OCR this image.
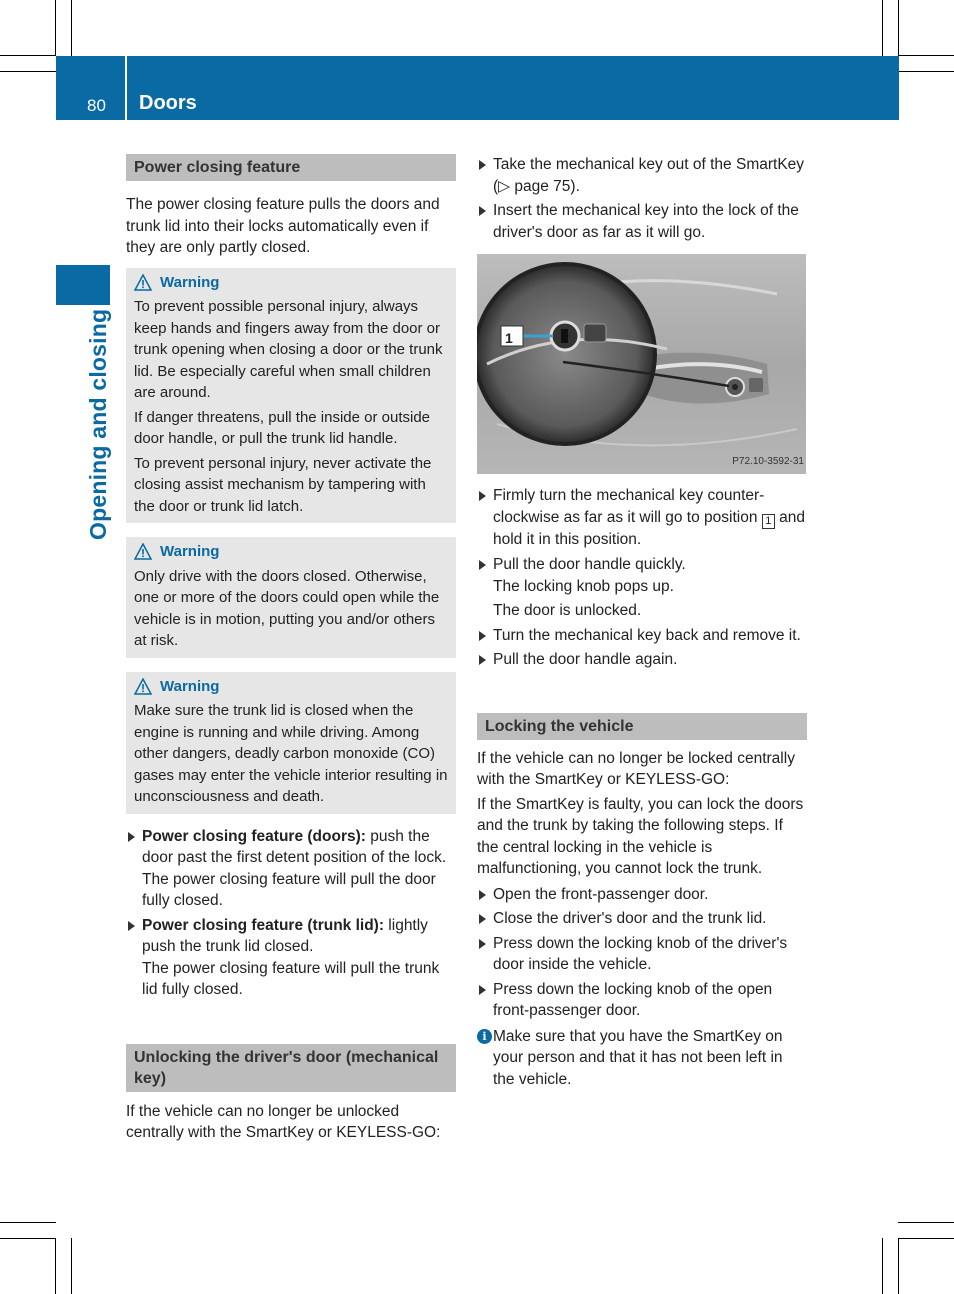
80 Doors
Opening and closing
Power closing feature

The power closing feature pulls the doors and trunk lid into their locks automatically even if they are only partly closed.

Warning

To prevent possible personal injury, always keep hands and fingers away from the door or trunk opening when closing a door or the trunk lid. Be especially careful when small children are around.

If danger threatens, pull the inside or outside door handle, or pull the trunk lid handle.

To prevent personal injury, never activate the closing assist mechanism by tampering with the door or trunk lid latch.

Warning

Only drive with the doors closed. Otherwise, one or more of the doors could open while the vehicle is in motion, putting you and/or others at risk.

Warning

Make sure the trunk lid is closed when the engine is running and while driving. Among other dangers, deadly carbon monoxide (CO) gases may enter the vehicle interior resulting in unconsciousness and death.

Power closing feature (doors): push the door past the first detent position of the lock.

The power closing feature will pull the door fully closed.

Power closing feature (trunk lid): lightly push the trunk lid closed.

The power closing feature will pull the trunk lid fully closed.

Unlocking the driver's door (mechanical key)

If the vehicle can no longer be unlocked centrally with the SmartKey or KEYLESS-GO:

Take the mechanical key out of the SmartKey (▷ page 75).

Insert the mechanical key into the lock of the driver's door as far as it will go.

1
P72.10-3592-31

Firmly turn the mechanical key counter-clockwise as far as it will go to position 1 and hold it in this position.

Pull the door handle quickly.

The locking knob pops up.

The door is unlocked.

Turn the mechanical key back and remove it.

Pull the door handle again.

Locking the vehicle

If the vehicle can no longer be locked centrally with the SmartKey or KEYLESS-GO:

If the SmartKey is faulty, you can lock the doors and the trunk by taking the following steps. If the central locking in the vehicle is malfunctioning, you cannot lock the trunk.

Open the front-passenger door.

Close the driver's door and the trunk lid.

Press down the locking knob of the driver's door inside the vehicle.

Press down the locking knob of the open front-passenger door.

i Make sure that you have the SmartKey on your person and that it has not been left in the vehicle.
